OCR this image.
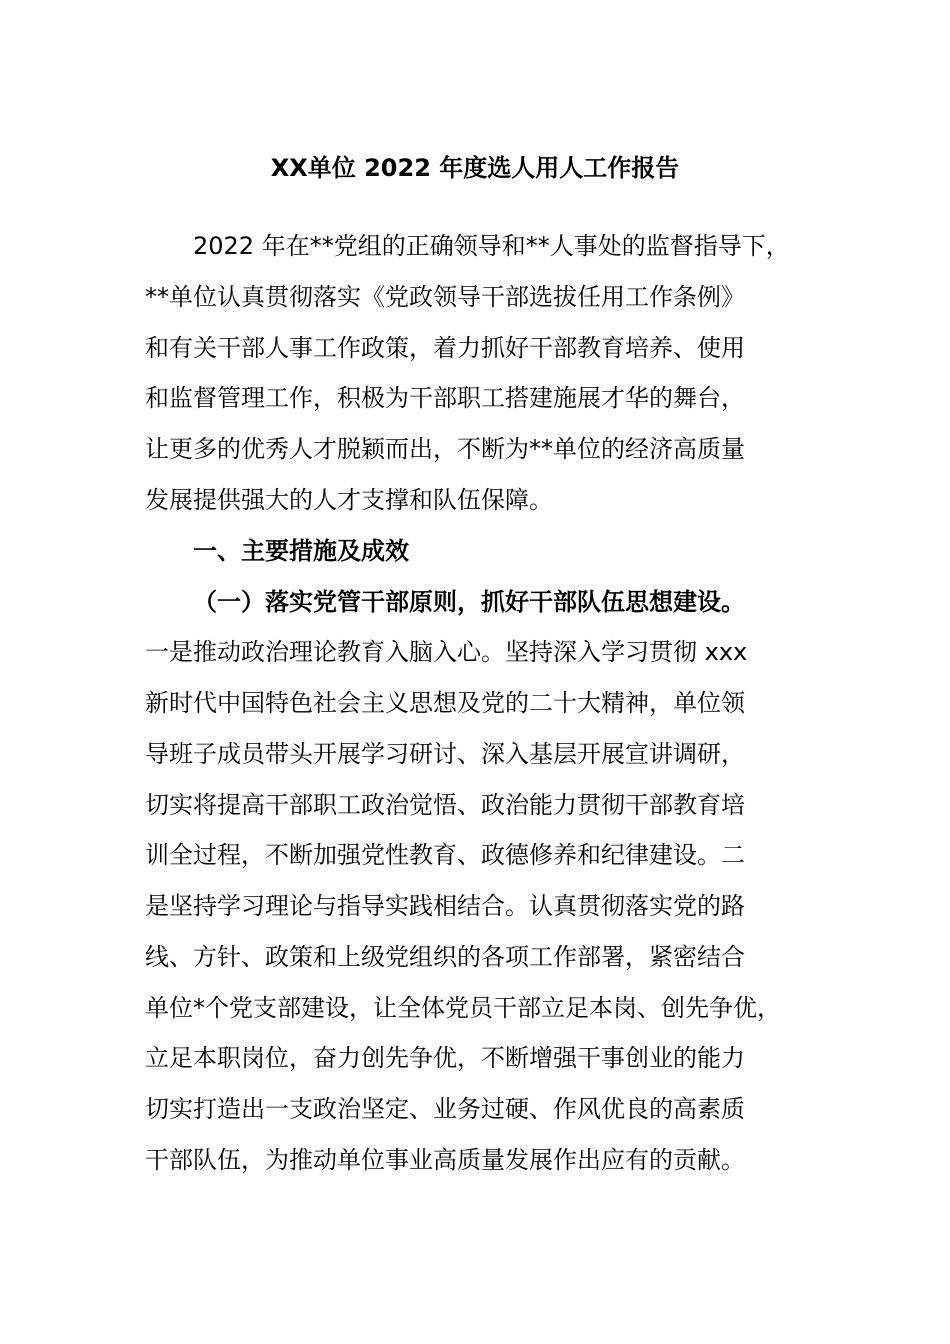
XX单位 2022 年度选人用人工作报告
2022 年在**党组的正确领导和**人事处的监督指导下，
**单位认真贯彻落实《党政领导干部选拔任用工作条例》
和有关干部人事工作政策，着力抓好干部教育培养、使用
和监督管理工作，积极为干部职工搭建施展才华的舞台，
让更多的优秀人才脱颖而出，不断为**单位的经济高质量
发展提供强大的人才支撑和队伍保障。
一、主要措施及成效
（一）落实党管干部原则，抓好干部队伍思想建设。
一是推动政治理论教育入脑入心。坚持深入学习贯彻 xxx
新时代中国特色社会主义思想及党的二十大精神，单位领
导班子成员带头开展学习研讨、深入基层开展宣讲调研，
切实将提高干部职工政治觉悟、政治能力贯彻干部教育培
训全过程，不断加强党性教育、政德修养和纪律建设。二
是坚持学习理论与指导实践相结合。认真贯彻落实党的路
线、方针、政策和上级党组织的各项工作部署，紧密结合
单位*个党支部建设，让全体党员干部立足本岗、创先争优，
立足本职岗位，奋力创先争优，不断增强干事创业的能力
切实打造出一支政治坚定、业务过硬、作风优良的高素质
干部队伍，为推动单位事业高质量发展作出应有的贡献。
